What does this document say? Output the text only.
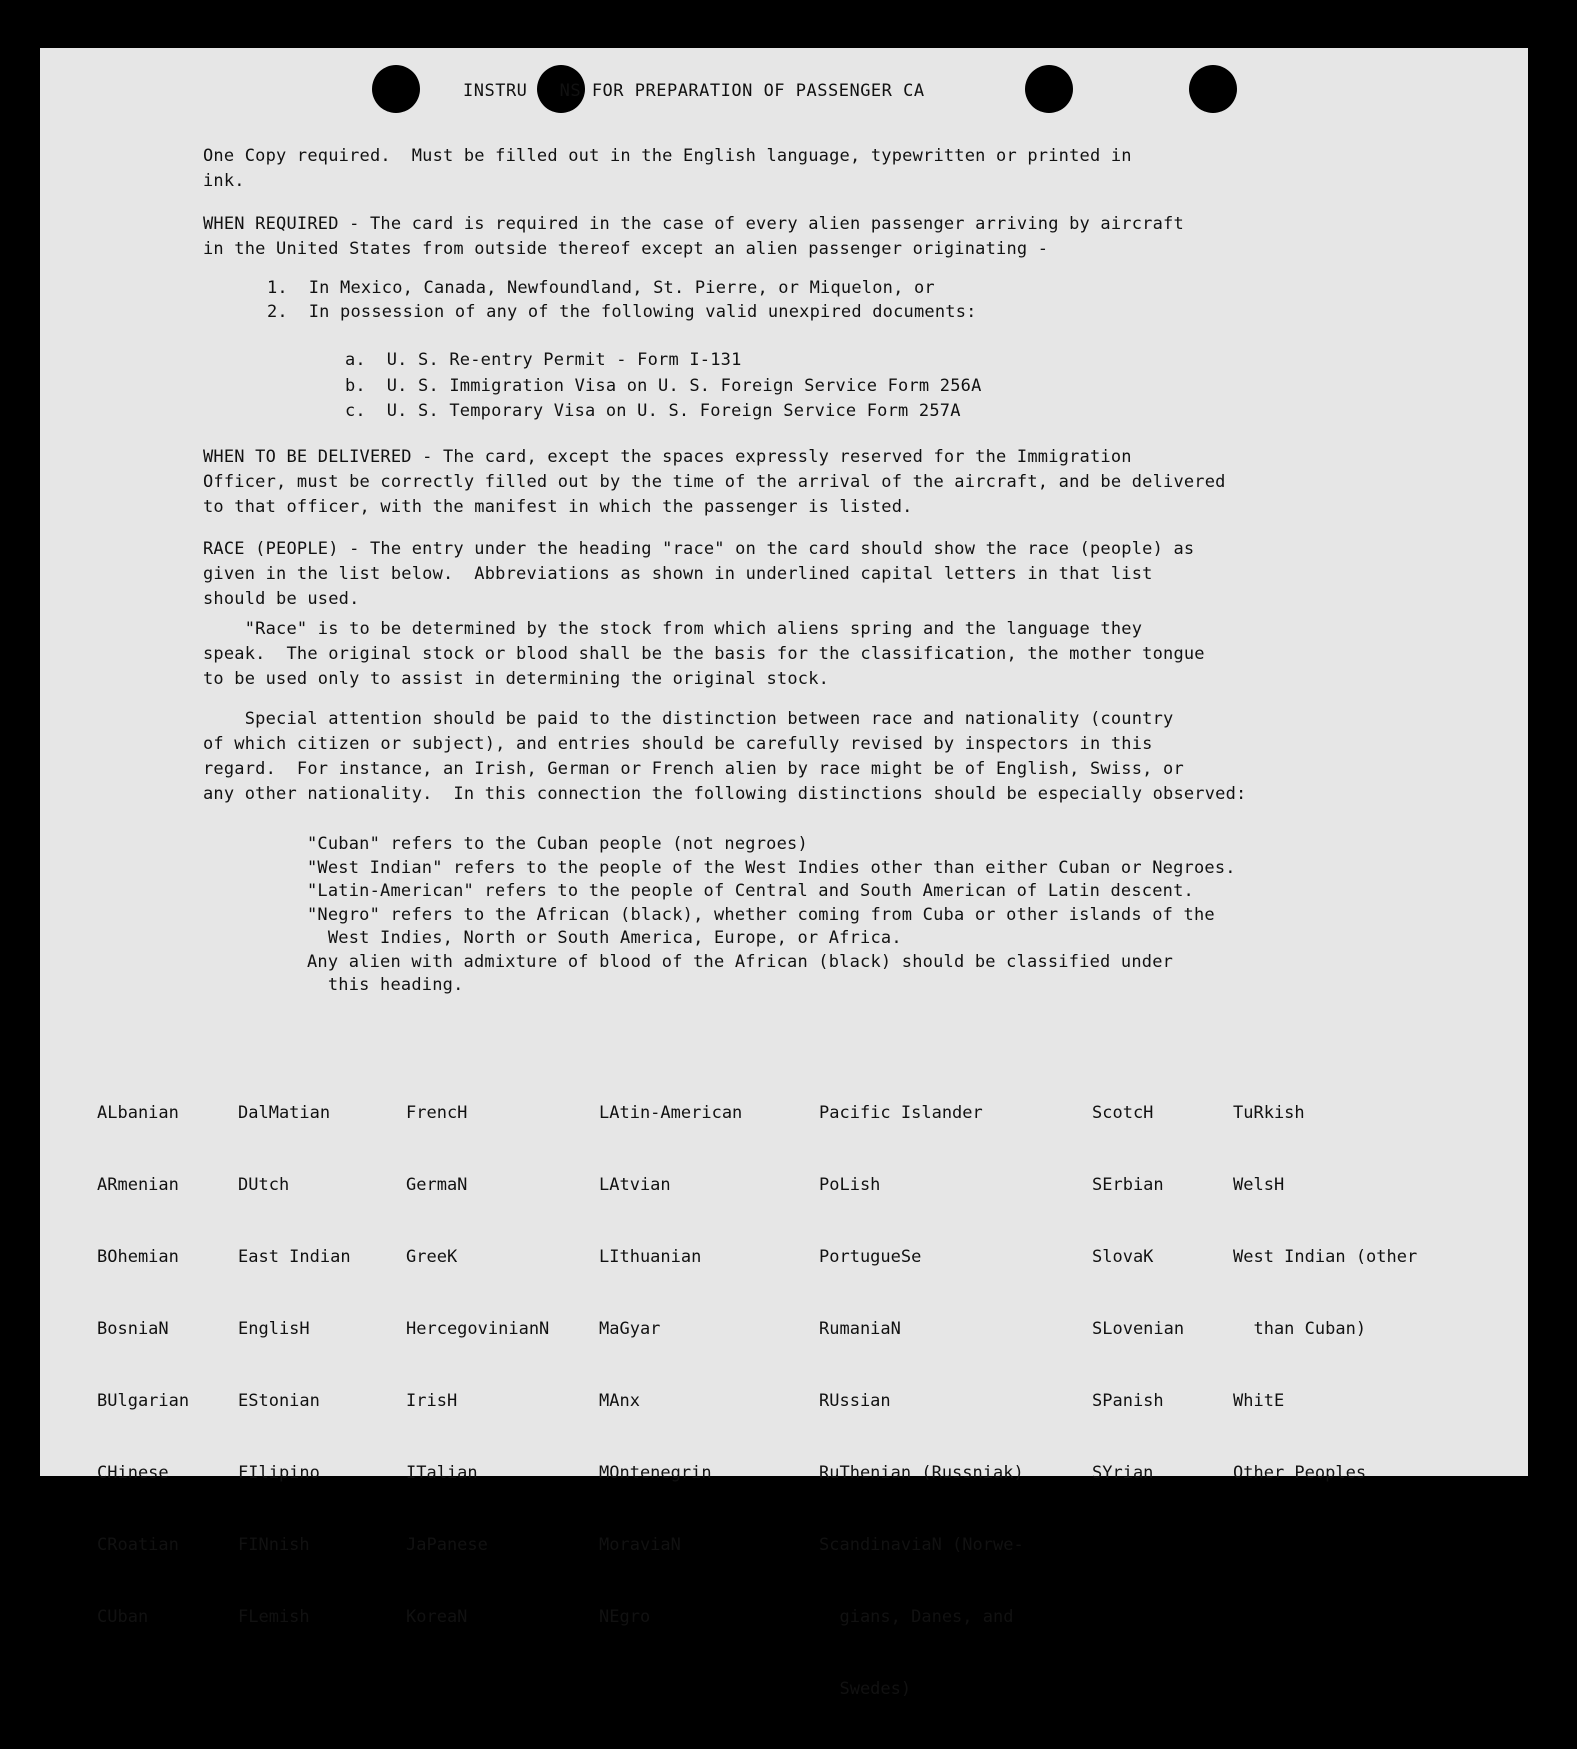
INSTRU   NS FOR PREPARATION OF PASSENGER CA
One Copy required.  Must be filled out in the English language, typewritten or printed in
ink.
WHEN REQUIRED - The card is required in the case of every alien passenger arriving by aircraft
in the United States from outside thereof except an alien passenger originating -
1.  In Mexico, Canada, Newfoundland, St. Pierre, or Miquelon, or
2.  In possession of any of the following valid unexpired documents:
a.  U. S. Re-entry Permit - Form I-131
b.  U. S. Immigration Visa on U. S. Foreign Service Form 256A
c.  U. S. Temporary Visa on U. S. Foreign Service Form 257A
WHEN TO BE DELIVERED - The card, except the spaces expressly reserved for the Immigration
Officer, must be correctly filled out by the time of the arrival of the aircraft, and be delivered
to that officer, with the manifest in which the passenger is listed.
RACE (PEOPLE) - The entry under the heading "race" on the card should show the race (people) as
given in the list below.  Abbreviations as shown in underlined capital letters in that list
should be used.
"Race" is to be determined by the stock from which aliens spring and the language they
speak.  The original stock or blood shall be the basis for the classification, the mother tongue
to be used only to assist in determining the original stock.
Special attention should be paid to the distinction between race and nationality (country
of which citizen or subject), and entries should be carefully revised by inspectors in this
regard.  For instance, an Irish, German or French alien by race might be of English, Swiss, or
any other nationality.  In this connection the following distinctions should be especially observed:
"Cuban" refers to the Cuban people (not negroes)
"West Indian" refers to the people of the West Indies other than either Cuban or Negroes.
"Latin-American" refers to the people of Central and South American of Latin descent.
"Negro" refers to the African (black), whether coming from Cuba or other islands of the
West Indies, North or South America, Europe, or Africa.
Any alien with admixture of blood of the African (black) should be classified under
this heading.

ALbanian

ARmenian

BOhemian

BosniaN

BUlgarian

CHinese

CRoatian

CUban

DalMatian

DUtch

East Indian

EnglisH

EStonian

FIlipino

FINnish

FLemish

FrencH

GermaN

GreeK

HercegovinianN

IrisH

ITalian

JaPanese

KoreaN

LAtin-American

LAtvian

LIthuanian

MaGyar

MAnx

MOntenegrin

MoraviaN

NEgro

Pacific Islander

PoLish

PortugueSe

RumaniaN

RUssian

RuThenian (Russniak)

ScandinaviaN (Norwe-

gians, Danes, and

Swedes)

ScotcH

SErbian

SlovaK

SLovenian

SPanish

SYrian

TuRkish

WelsH

West Indian (other

than Cuban)

WhitE

Other Peoples
